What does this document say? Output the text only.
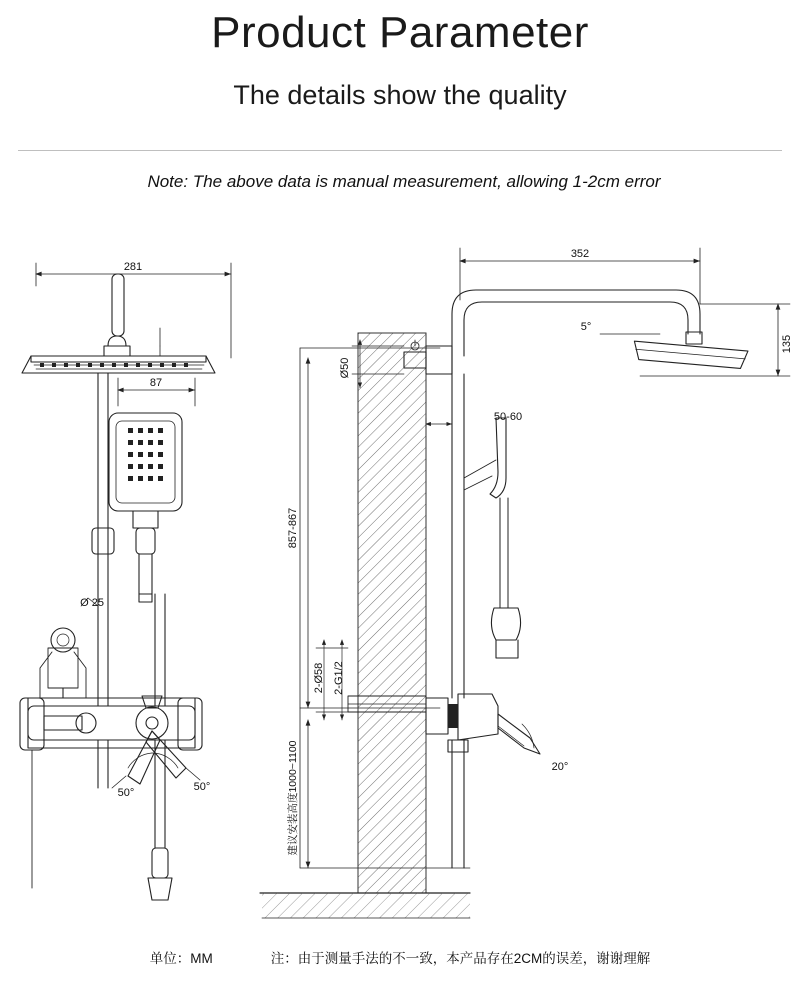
Product Parameter
The details show the quality
Note: The above data is manual measurement, allowing 1-2cm error
281
87
Ø 25
50°	50°
352
135
5°
Ø50
50-60
857-867
2-Ø58 2-G1/2
建议安装高度1000~1100	20°
单位：MM	注：由于测量手法的不一致，本产品存在2CM的误差，谢谢理解
